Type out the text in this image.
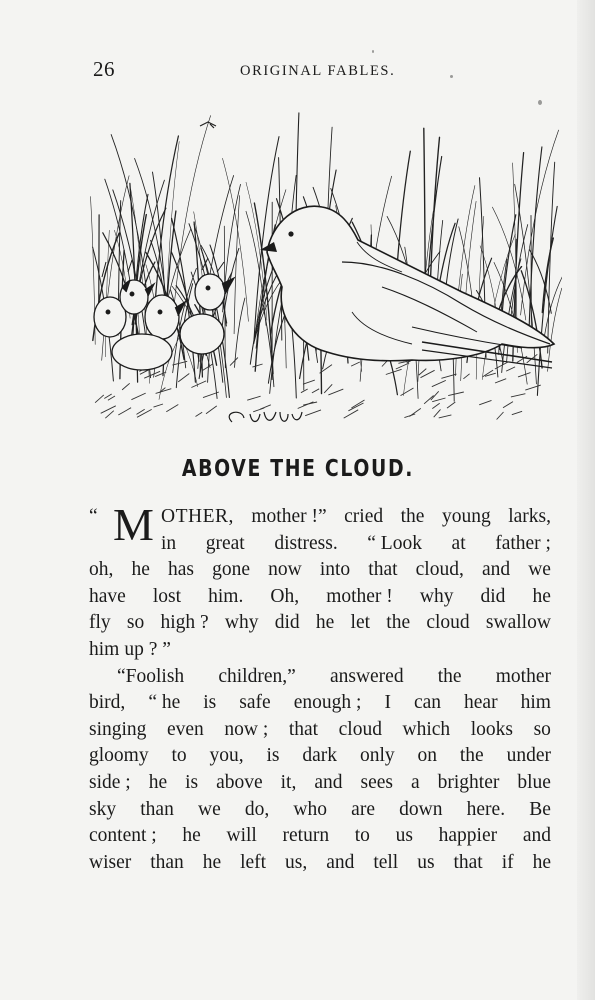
26	ORIGINAL FABLES.
ABOVE THE CLOUD.
“ M OTHER, mother !” cried the young larks,
in great distress. “ Look at father ;
oh, he has gone now into that cloud, and we
have lost him. Oh, mother ! why did he
fly so high ? why did he let the cloud swallow
him up ? ”
“Foolish children,” answered the mother
bird, “ he is safe enough ; I can hear him
singing even now ; that cloud which looks so
gloomy to you, is dark only on the under
side ; he is above it, and sees a brighter blue
sky than we do, who are down here. Be
content ; he will return to us happier and
wiser than he left us, and tell us that if he
